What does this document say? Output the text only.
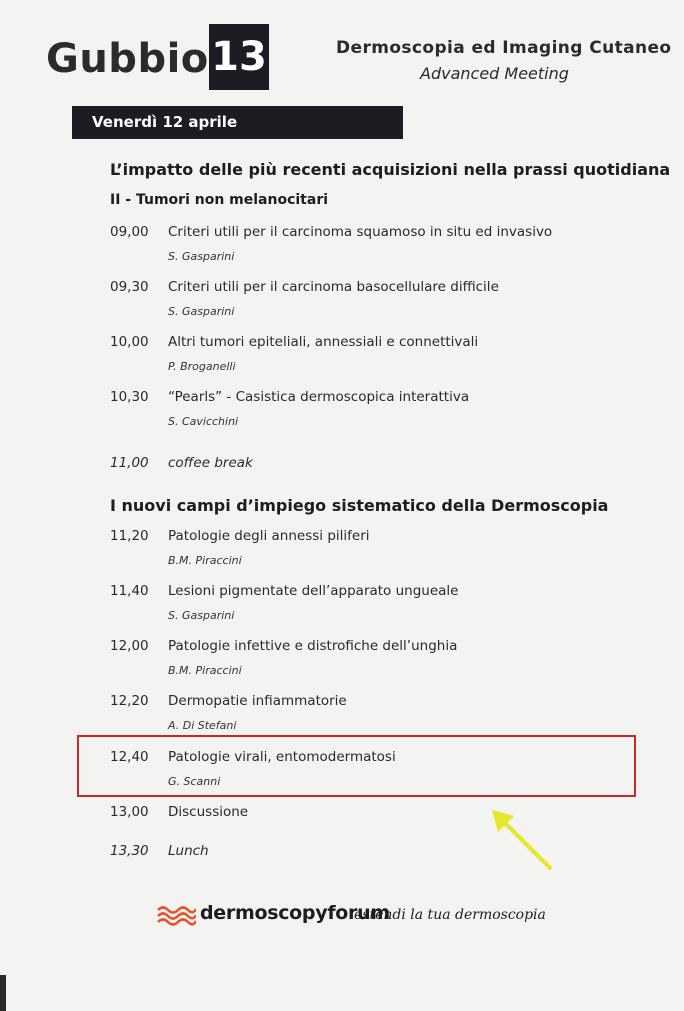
Gubbio 13	Dermoscopia ed Imaging Cutaneo
Advanced Meeting
Venerdì 12 aprile
L’impatto delle più recenti acquisizioni nella prassi quotidiana
II - Tumori non melanocitari
09,00 Criteri utili per il carcinoma squamoso in situ ed invasivo
S. Gasparini
09,30 Criteri utili per il carcinoma basocellulare difficile
S. Gasparini
10,00 Altri tumori epiteliali, annessiali e connettivali
P. Broganelli
10,30 “Pearls” - Casistica dermoscopica interattiva
S. Cavicchini
11,00 coffee break
I nuovi campi d’impiego sistematico della Dermoscopia
11,20 Patologie degli annessi piliferi
B.M. Piraccini
11,40 Lesioni pigmentate dell’apparato ungueale
S. Gasparini
12,00 Patologie infettive e distrofiche dell’unghia
B.M. Piraccini
12,20 Dermopatie infiammatorie
A. Di Stefani
12,40 Patologie virali, entomodermatosi
G. Scanni
13,00 Discussione
13,30 Lunch
dermoscopyforum
estendi la tua dermoscopia
